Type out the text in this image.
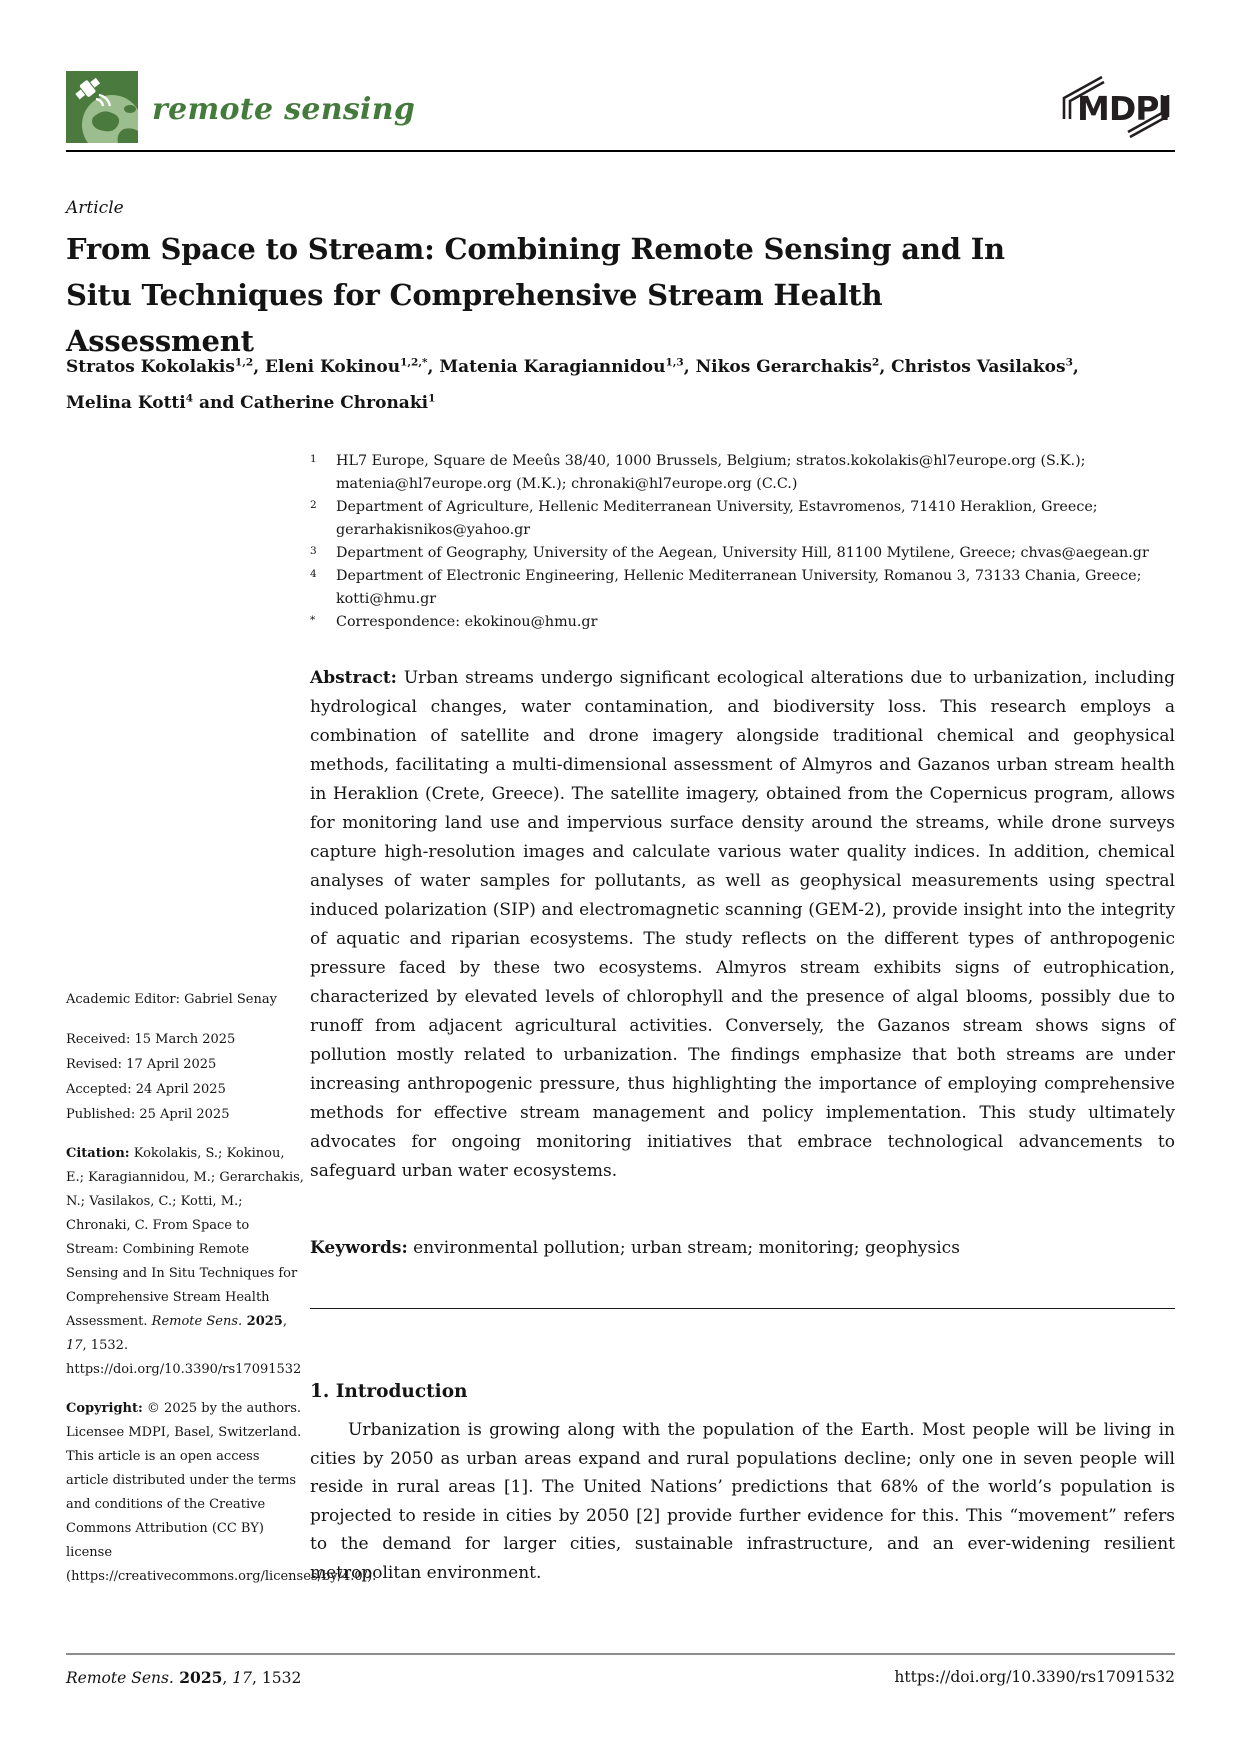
remote sensing	MDPI
Article
From Space to Stream: Combining Remote Sensing and In Situ Techniques for Comprehensive Stream Health Assessment

Stratos Kokolakis$^{1,2}$, Eleni Kokinou$^{1,2,*}$, Matenia Karagiannidou$^{1,3}$, Nikos Gerarchakis$^2$, Christos Vasilakos$^3$, Melina Kotti$^4$ and Catherine Chronaki$^1$

Academic Editor: Gabriel Senay
Received: 15 March 2025
Revised: 17 April 2025
Accepted: 24 April 2025
Published: 25 April 2025
Citation: Kokolakis, S.; Kokinou, E.; Karagiannidou, M.; Gerarchakis, N.; Vasilakos, C.; Kotti, M.; Chronaki, C. From Space to Stream: Combining Remote Sensing and In Situ Techniques for Comprehensive Stream Health Assessment. Remote Sens. 2025, 17, 1532. https://doi.org/10.3390/rs17091532
Copyright: © 2025 by the authors. Licensee MDPI, Basel, Switzerland. This article is an open access article distributed under the terms and conditions of the Creative Commons Attribution (CC BY) license (https://creativecommons.org/licenses/by/4.0/).
1	HL7 Europe, Square de Meeûs 38/40, 1000 Brussels, Belgium; stratos.kokolakis@hl7europe.org (S.K.); matenia@hl7europe.org (M.K.); chronaki@hl7europe.org (C.C.)
2	Department of Agriculture, Hellenic Mediterranean University, Estavromenos, 71410 Heraklion, Greece; gerarhakisnikos@yahoo.gr
3	Department of Geography, University of the Aegean, University Hill, 81100 Mytilene, Greece; chvas@aegean.gr
4	Department of Electronic Engineering, Hellenic Mediterranean University, Romanou 3, 73133 Chania, Greece; kotti@hmu.gr
*	Correspondence: ekokinou@hmu.gr

Abstract: Urban streams undergo significant ecological alterations due to urbanization, including hydrological changes, water contamination, and biodiversity loss. This research employs a combination of satellite and drone imagery alongside traditional chemical and geophysical methods, facilitating a multi-dimensional assessment of Almyros and Gazanos urban stream health in Heraklion (Crete, Greece). The satellite imagery, obtained from the Copernicus program, allows for monitoring land use and impervious surface density around the streams, while drone surveys capture high-resolution images and calculate various water quality indices. In addition, chemical analyses of water samples for pollutants, as well as geophysical measurements using spectral induced polarization (SIP) and electromagnetic scanning (GEM-2), provide insight into the integrity of aquatic and riparian ecosystems. The study reflects on the different types of anthropogenic pressure faced by these two ecosystems. Almyros stream exhibits signs of eutrophication, characterized by elevated levels of chlorophyll and the presence of algal blooms, possibly due to runoff from adjacent agricultural activities. Conversely, the Gazanos stream shows signs of pollution mostly related to urbanization. The findings emphasize that both streams are under increasing anthropogenic pressure, thus highlighting the importance of employing comprehensive methods for effective stream management and policy implementation. This study ultimately advocates for ongoing monitoring initiatives that embrace technological advancements to safeguard urban water ecosystems.

Keywords: environmental pollution; urban stream; monitoring; geophysics

1. Introduction

Urbanization is growing along with the population of the Earth. Most people will be living in cities by 2050 as urban areas expand and rural populations decline; only one in seven people will reside in rural areas [1]. The United Nations’ predictions that 68% of the world’s population is projected to reside in cities by 2050 [2] provide further evidence for this. This “movement” refers to the demand for larger cities, sustainable infrastructure, and an ever-widening resilient metropolitan environment.

Remote Sens. 2025, 17, 1532	https://doi.org/10.3390/rs17091532
